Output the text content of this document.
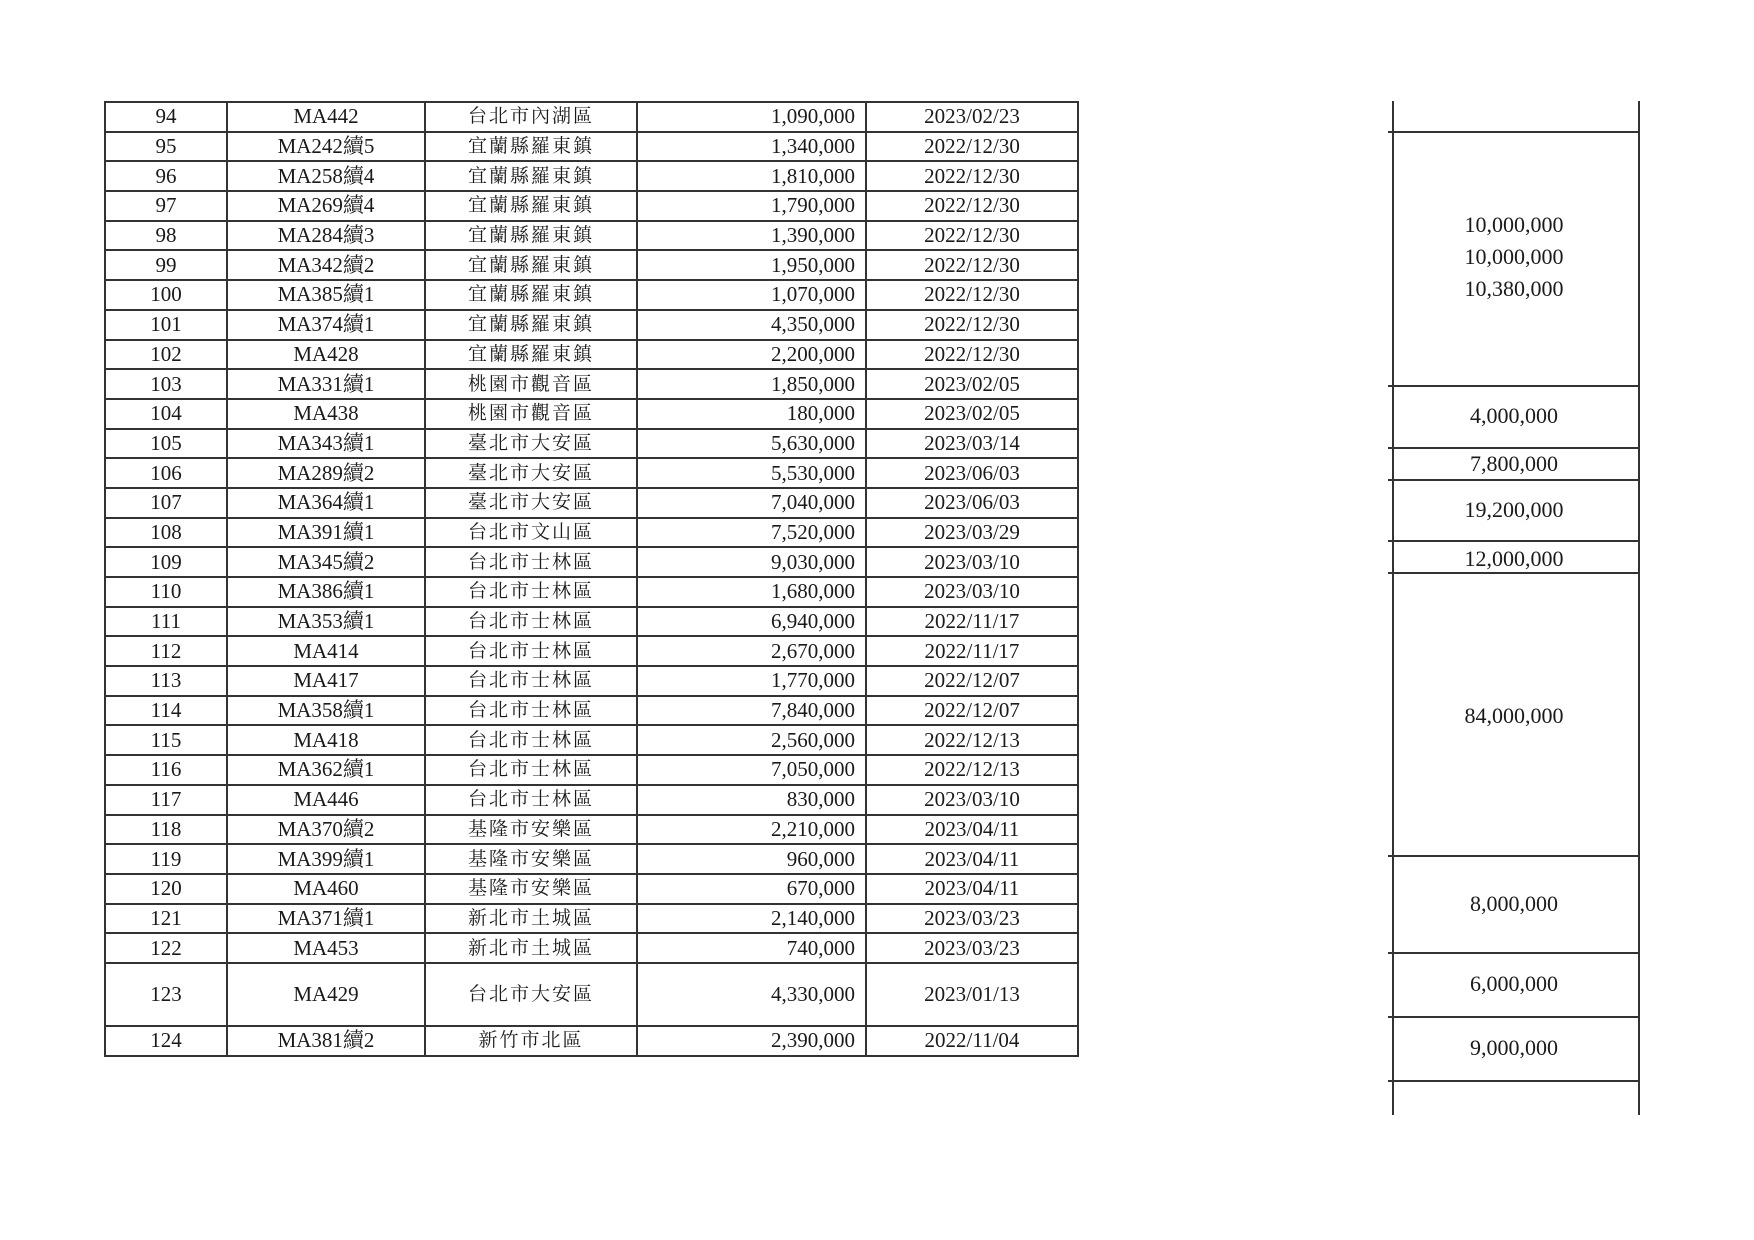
94	MA442	台北市內湖區	1,090,000	2023/02/23
95	MA242續5	宜蘭縣羅東鎮	1,340,000	2022/12/30
96	MA258續4	宜蘭縣羅東鎮	1,810,000	2022/12/30
97	MA269續4	宜蘭縣羅東鎮	1,790,000	2022/12/30
98	MA284續3	宜蘭縣羅東鎮	1,390,000	2022/12/30
99	MA342續2	宜蘭縣羅東鎮	1,950,000	2022/12/30
100	MA385續1	宜蘭縣羅東鎮	1,070,000	2022/12/30
101	MA374續1	宜蘭縣羅東鎮	4,350,000	2022/12/30
102	MA428	宜蘭縣羅東鎮	2,200,000	2022/12/30
103	MA331續1	桃園市觀音區	1,850,000	2023/02/05
104	MA438	桃園市觀音區	180,000	2023/02/05
105	MA343續1	臺北市大安區	5,630,000	2023/03/14
106	MA289續2	臺北市大安區	5,530,000	2023/06/03
107	MA364續1	臺北市大安區	7,040,000	2023/06/03
108	MA391續1	台北市文山區	7,520,000	2023/03/29
109	MA345續2	台北市士林區	9,030,000	2023/03/10
110	MA386續1	台北市士林區	1,680,000	2023/03/10
111	MA353續1	台北市士林區	6,940,000	2022/11/17
112	MA414	台北市士林區	2,670,000	2022/11/17
113	MA417	台北市士林區	1,770,000	2022/12/07
114	MA358續1	台北市士林區	7,840,000	2022/12/07
115	MA418	台北市士林區	2,560,000	2022/12/13
116	MA362續1	台北市士林區	7,050,000	2022/12/13
117	MA446	台北市士林區	830,000	2023/03/10
118	MA370續2	基隆市安樂區	2,210,000	2023/04/11
119	MA399續1	基隆市安樂區	960,000	2023/04/11
120	MA460	基隆市安樂區	670,000	2023/04/11
121	MA371續1	新北市土城區	2,140,000	2023/03/23
122	MA453	新北市土城區	740,000	2023/03/23
123	MA429	台北市大安區	4,330,000	2023/01/13
124	MA381續2	新竹市北區	2,390,000	2022/11/04
10,000,000
10,000,000
10,380,000
4,000,000
7,800,000
19,200,000
12,000,000
84,000,000
8,000,000
6,000,000
9,000,000
